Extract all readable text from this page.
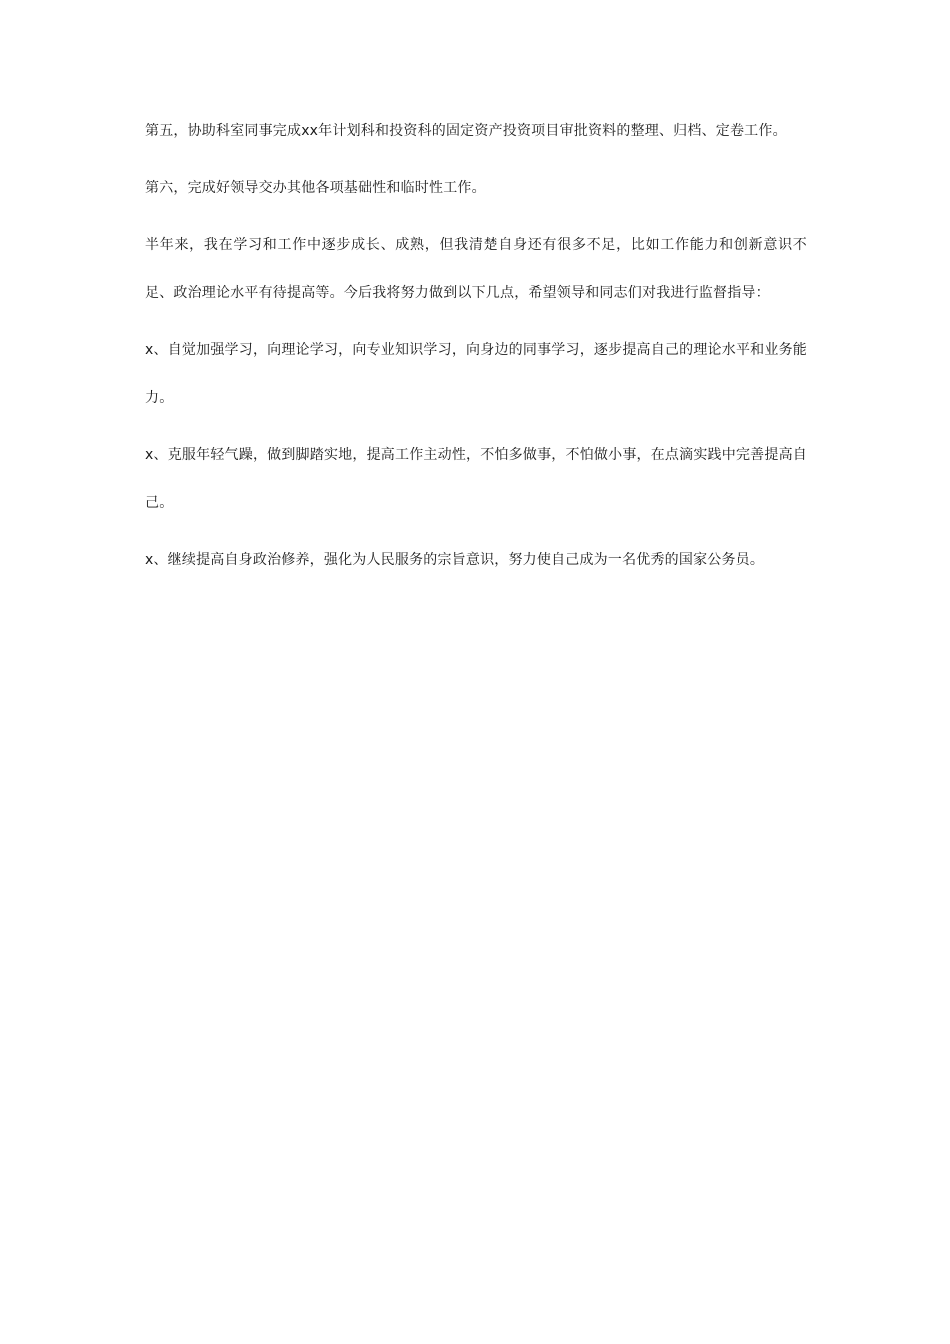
第五，协助科室同事完成xx年计划科和投资科的固定资产投资项目审批资料的整理、归档、定卷工作。

第六，完成好领导交办其他各项基础性和临时性工作。

半年来，我在学习和工作中逐步成长、成熟，但我清楚自身还有很多不足，比如工作能力和创新意识不足、政治理论水平有待提高等。今后我将努力做到以下几点，希望领导和同志们对我进行监督指导：

x、自觉加强学习，向理论学习，向专业知识学习，向身边的同事学习，逐步提高自己的理论水平和业务能力。

x、克服年轻气躁，做到脚踏实地，提高工作主动性，不怕多做事，不怕做小事，在点滴实践中完善提高自己。

x、继续提高自身政治修养，强化为人民服务的宗旨意识，努力使自己成为一名优秀的国家公务员。
